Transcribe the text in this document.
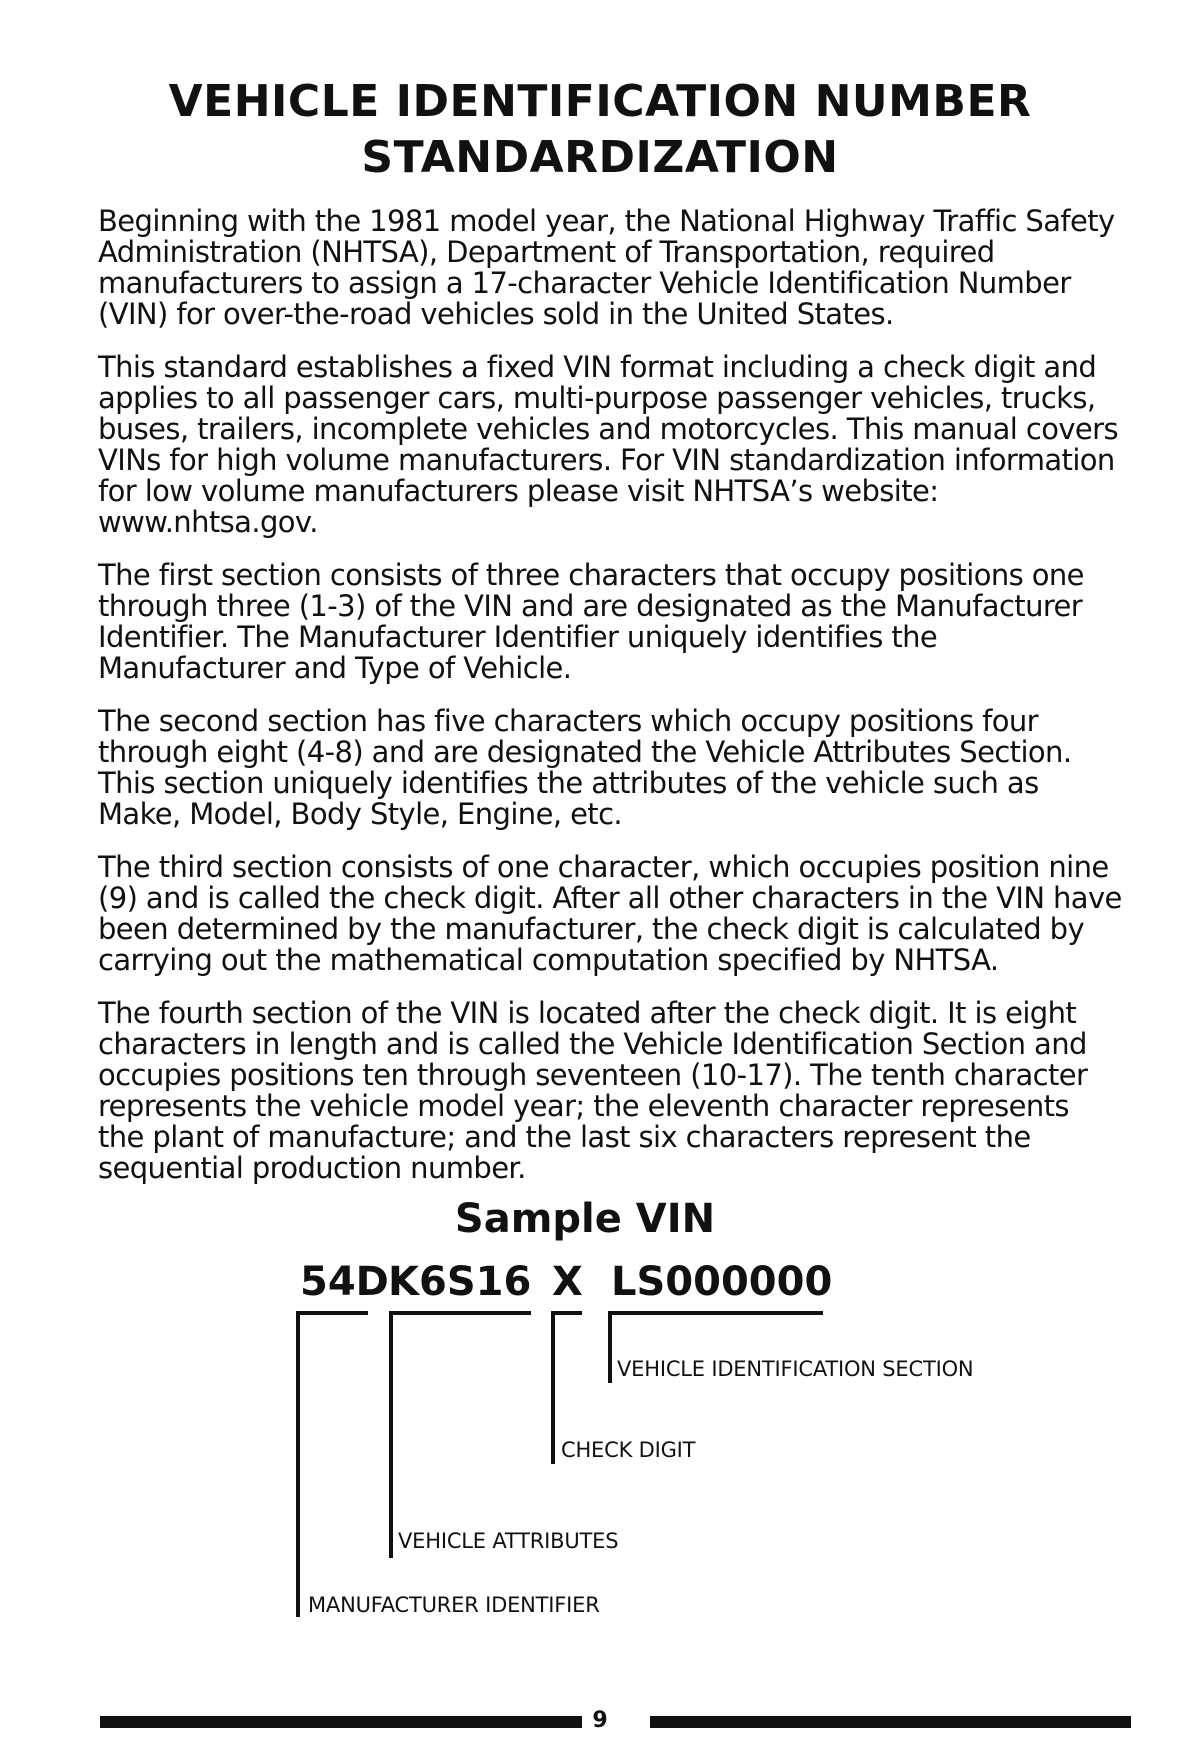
VEHICLE IDENTIFICATION NUMBER
STANDARDIZATION

Beginning with the 1981 model year, the National Highway Traffic Safety Administration (NHTSA), Department of Transportation, required manufacturers to assign a 17-character Vehicle Identification Number (VIN) for over-the-road vehicles sold in the United States.

This standard establishes a fixed VIN format including a check digit and applies to all passenger cars, multi-purpose passenger vehicles, trucks, buses, trailers, incomplete vehicles and motorcycles. This manual covers VINs for high volume manufacturers. For VIN standardization information for low volume manufacturers please visit NHTSA’s website: www.nhtsa.gov.

The first section consists of three characters that occupy positions one through three (1-3) of the VIN and are designated as the Manufacturer Identifier. The Manufacturer Identifier uniquely identifies the Manufacturer and Type of Vehicle.

The second section has five characters which occupy positions four through eight (4-8) and are designated the Vehicle Attributes Section. This section uniquely identifies the attributes of the vehicle such as Make, Model, Body Style, Engine, etc.

The third section consists of one character, which occupies position nine (9) and is called the check digit. After all other characters in the VIN have been determined by the manufacturer, the check digit is calculated by carrying out the mathematical computation specified by NHTSA.

The fourth section of the VIN is located after the check digit. It is eight characters in length and is called the Vehicle Identification Section and occupies positions ten through seventeen (10-17). The tenth character represents the vehicle model year; the eleventh character represents the plant of manufacture; and the last six characters represent the sequential production number.

Sample VIN
54D K6S16 X LS000000
MANUFACTURER IDENTIFIER
VEHICLE ATTRIBUTES
CHECK DIGIT
VEHICLE IDENTIFICATION SECTION
9
